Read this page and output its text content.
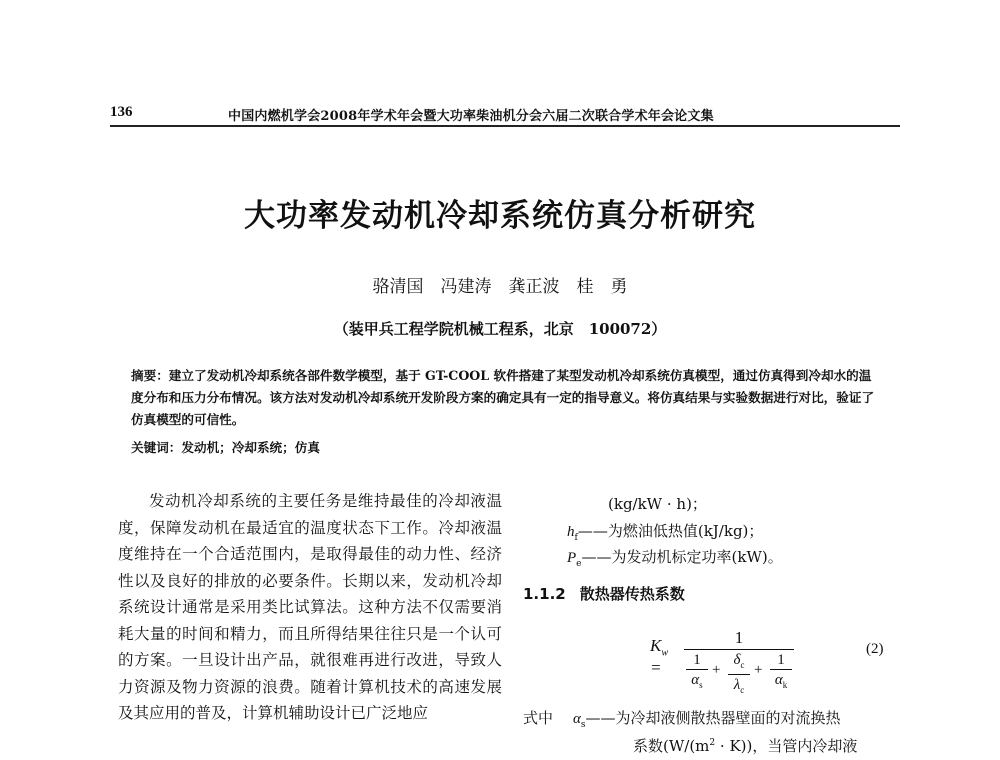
136	中国内燃机学会2008年学术年会暨大功率柴油机分会六届二次联合学术年会论文集
大功率发动机冷却系统仿真分析研究
骆清国　冯建涛　龚正波　桂　勇
（装甲兵工程学院机械工程系，北京　100072）
摘要：建立了发动机冷却系统各部件数学模型，基于 GT-COOL 软件搭建了某型发动机冷却系统仿真模型，通过仿真得到冷却水的温度分布和压力分布情况。该方法对发动机冷却系统开发阶段方案的确定具有一定的指导意义。将仿真结果与实验数据进行对比，验证了仿真模型的可信性。
关键词：发动机；冷却系统；仿真

发动机冷却系统的主要任务是维持最佳的冷却液温度，保障发动机在最适宜的温度状态下工作。冷却液温度维持在一个合适范围内，是取得最佳的动力性、经济性以及良好的排放的必要条件。长期以来，发动机冷却系统设计通常是采用类比试算法。这种方法不仅需要消耗大量的时间和精力，而且所得结果往往只是一个认可的方案。一旦设计出产品，就很难再进行改进，导致人力资源及物力资源的浪费。随着计算机技术的高速发展及其应用的普及，计算机辅助设计已广泛地应

(kg/kW · h)；
$h_f——$为燃油低热值(kJ/kg)；
$P_e——$为发动机标定功率(kW)。
1.1.2 散热器传热系数
$K_w$ =
1
1
$\alpha_s$
+
$\delta_c$
$\lambda_c$
+
1
$\alpha_k$
(2)
式中 $\alpha_s——$为冷却液侧散热器壁面的对流换热
系数$(W/(m^2 \cdot K))$，当管内冷却液
